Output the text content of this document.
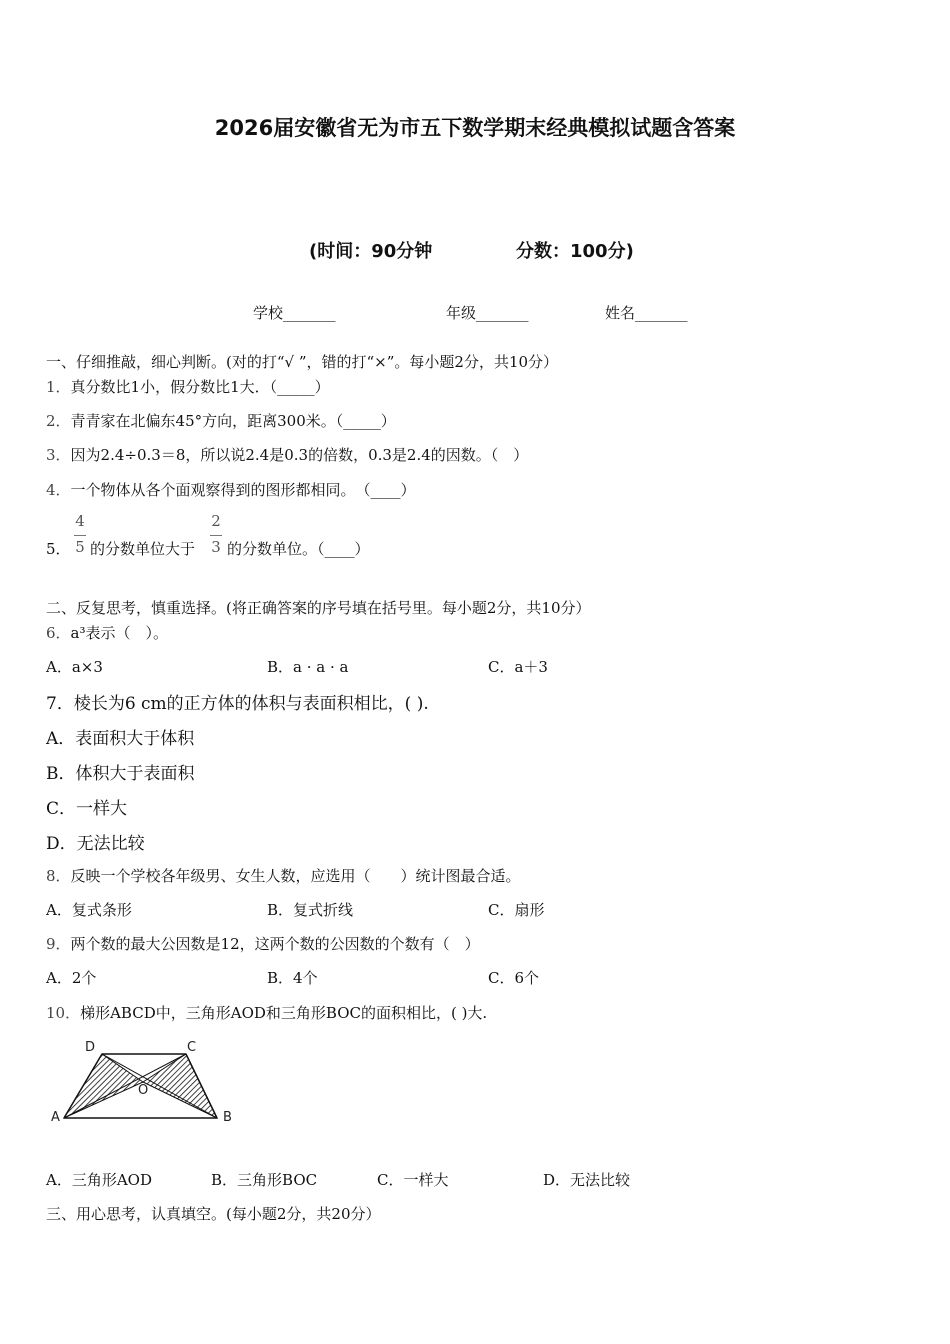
2026届安徽省无为市五下数学期末经典模拟试题含答案
(时间：90分钟	分数：100分)
学校_______	年级_______	姓名_______
一、仔细推敲，细心判断。(对的打“√ ”，错的打“×”。每小题2分，共10分）
1．真分数比1小，假分数比1大．（_____）
2．青青家在北偏东45°方向，距离300米。（_____）
3．因为2.4÷0.3＝8，所以说2.4是0.3的倍数，0.3是2.4的因数。（　）
4．一个物体从各个面观察得到的图形都相同。　（____）
5．
4
5 的分数单位大于
2
3 的分数单位。（____）
二、反复思考，慎重选择。(将正确答案的序号填在括号里。每小题2分，共10分）
6．a³表示（　）。
A．a×3	B．a · a · a	C．a＋3
7．棱长为6 cm的正方体的体积与表面积相比，( ).
A．表面积大于体积
B．体积大于表面积
C．一样大
D．无法比较
8．反映一个学校各年级男、女生人数，应选用（　　）统计图最合适。
A．复式条形	B．复式折线	C．扇形
9．两个数的最大公因数是12，这两个数的公因数的个数有（　）
A．2个	B．4个	C．6个
10．梯形ABCD中，三角形AOD和三角形BOC的面积相比，( )大.
A	B
C
D
O
A．三角形AOD	B．三角形BOC	C．一样大	D．无法比较
三、用心思考，认真填空。(每小题2分，共20分）
